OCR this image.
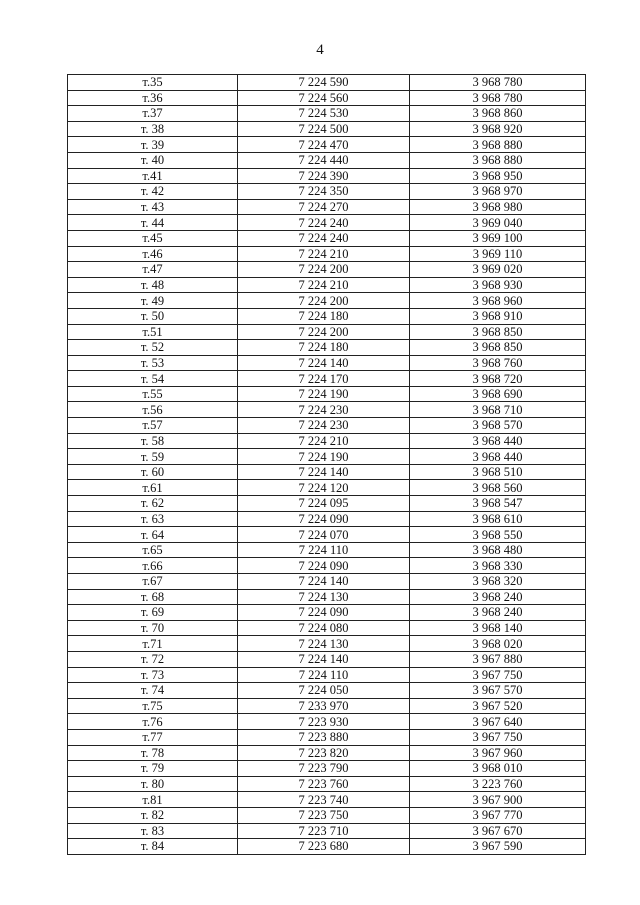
4
т.35	7 224 590	3 968 780
т.36	7 224 560	3 968 780
т.37	7 224 530	3 968 860
т. 38	7 224 500	3 968 920
т. 39	7 224 470	3 968 880
т. 40	7 224 440	3 968 880
т.41	7 224 390	3 968 950
т. 42	7 224 350	3 968 970
т. 43	7 224 270	3 968 980
т. 44	7 224 240	3 969 040
т.45	7 224 240	3 969 100
т.46	7 224 210	3 969 110
т.47	7 224 200	3 969 020
т. 48	7 224 210	3 968 930
т. 49	7 224 200	3 968 960
т. 50	7 224 180	3 968 910
т.51	7 224 200	3 968 850
т. 52	7 224 180	3 968 850
т. 53	7 224 140	3 968 760
т. 54	7 224 170	3 968 720
т.55	7 224 190	3 968 690
т.56	7 224 230	3 968 710
т.57	7 224 230	3 968 570
т. 58	7 224 210	3 968 440
т. 59	7 224 190	3 968 440
т. 60	7 224 140	3 968 510
т.61	7 224 120	3 968 560
т. 62	7 224 095	3 968 547
т. 63	7 224 090	3 968 610
т. 64	7 224 070	3 968 550
т.65	7 224 110	3 968 480
т.66	7 224 090	3 968 330
т.67	7 224 140	3 968 320
т. 68	7 224 130	3 968 240
т. 69	7 224 090	3 968 240
т. 70	7 224 080	3 968 140
т.71	7 224 130	3 968 020
т. 72	7 224 140	3 967 880
т. 73	7 224 110	3 967 750
т. 74	7 224 050	3 967 570
т.75	7 233 970	3 967 520
т.76	7 223 930	3 967 640
т.77	7 223 880	3 967 750
т. 78	7 223 820	3 967 960
т. 79	7 223 790	3 968 010
т. 80	7 223 760	3 223 760
т.81	7 223 740	3 967 900
т. 82	7 223 750	3 967 770
т. 83	7 223 710	3 967 670
т. 84	7 223 680	3 967 590
